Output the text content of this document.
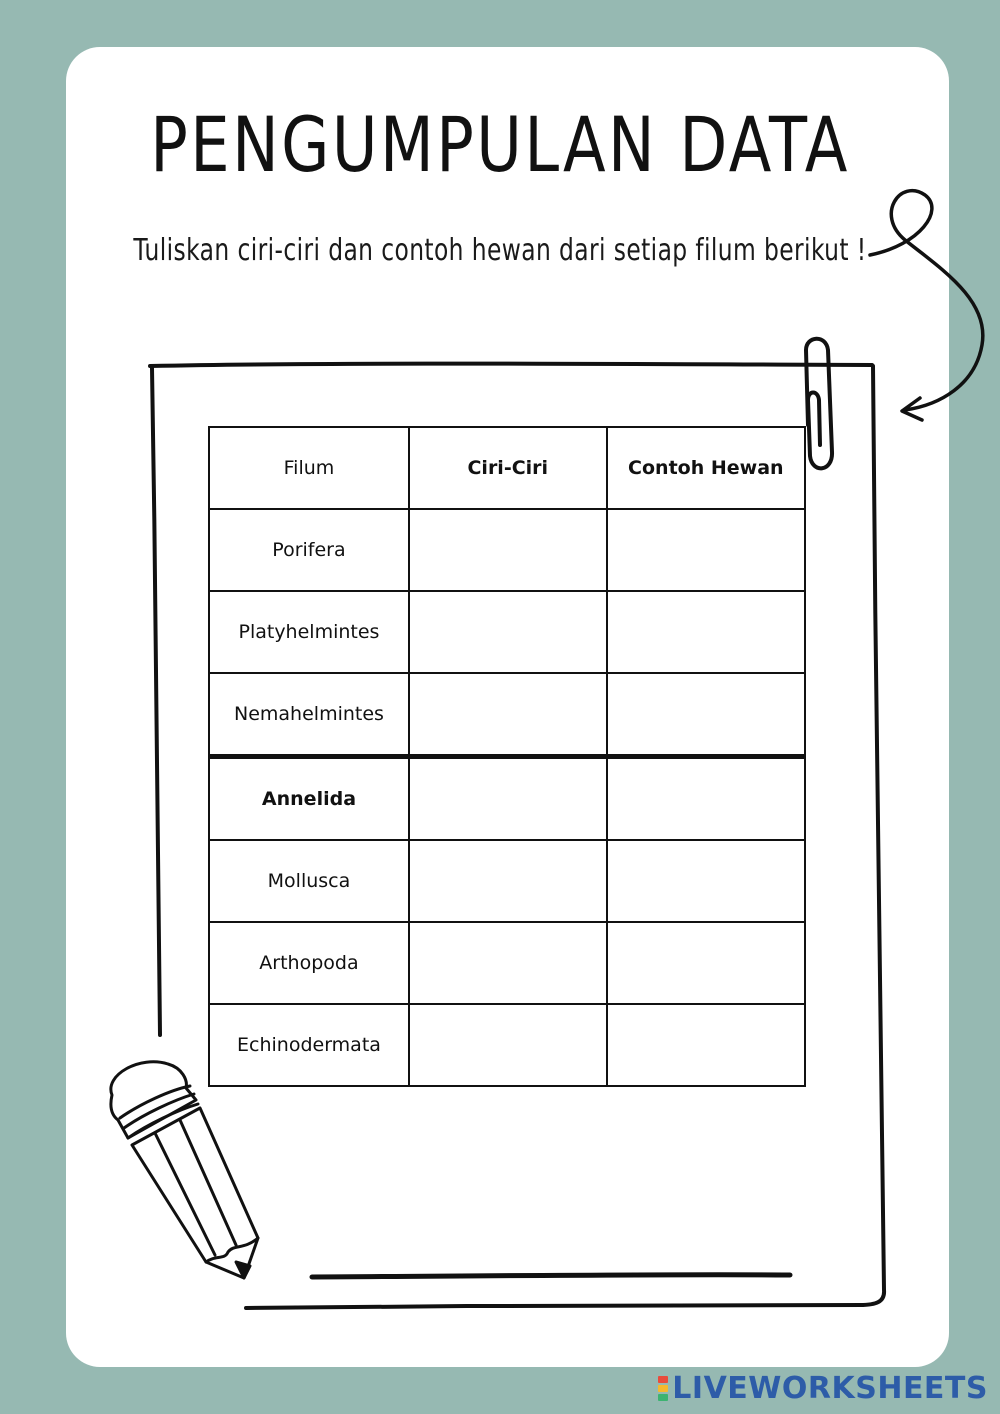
PENGUMPULAN DATA
Tuliskan ciri-ciri dan contoh hewan dari setiap filum berikut !
Filum	Ciri-Ciri	Contoh Hewan
Porifera		
Platyhelmintes		
Nemahelmintes		
Annelida		
Mollusca		
Arthopoda		
Echinodermata		
LIVEWORKSHEETS
